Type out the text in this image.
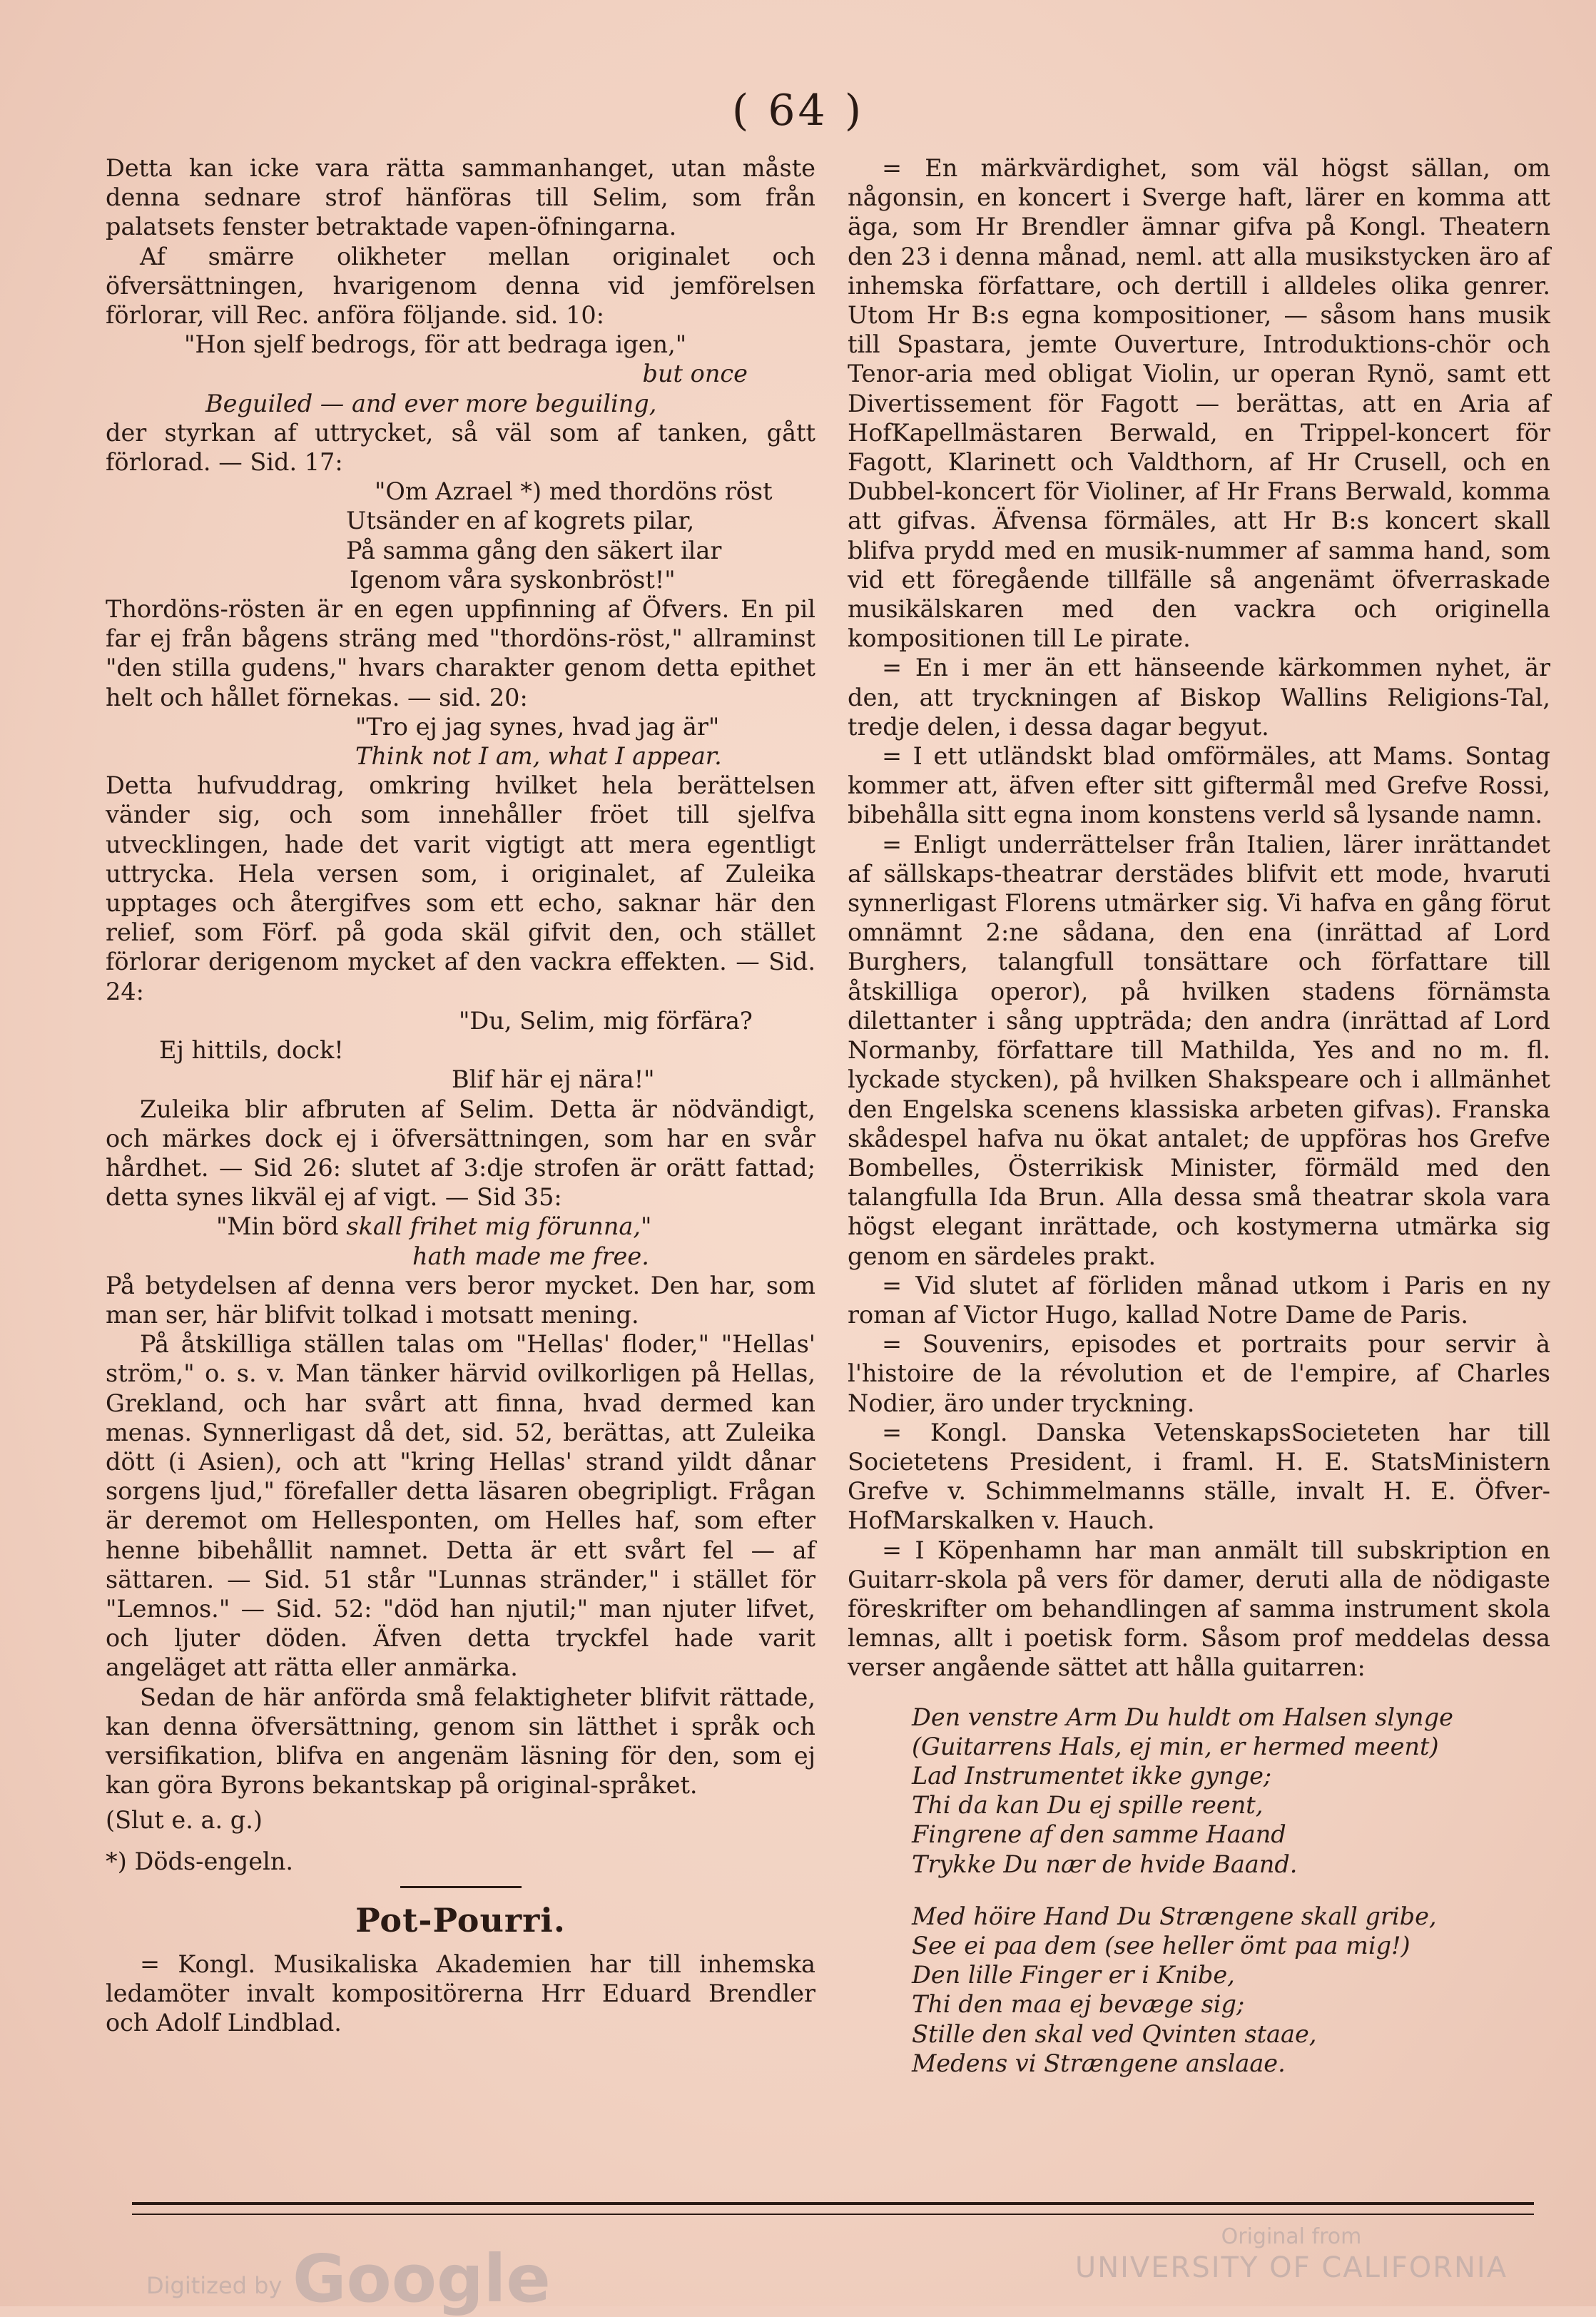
( 64 )

Detta kan icke vara rätta sammanhanget, utan måste denna sednare strof hänföras till Selim, som från palatsets fenster betraktade vapen-öfningarna.

Af smärre olikheter mellan originalet och öfversättningen, hvarigenom denna vid jemförelsen förlorar, vill Rec. anföra följande. sid. 10:

"Hon sjelf bedrogs, för att bedraga igen,"
but once
Beguiled — and ever more beguiling,

der styrkan af uttrycket, så väl som af tanken, gått förlorad. — Sid. 17:

"Om Azrael *) med thordöns röst
Utsänder en af kogrets pilar,
På samma gång den säkert ilar
Igenom våra syskonbröst!"

Thordöns-rösten är en egen uppfinning af Öfvers. En pil far ej från bågens sträng med "thordöns-röst," allraminst "den stilla gudens," hvars charakter genom detta epithet helt och hållet förnekas. — sid. 20:

"Tro ej jag synes, hvad jag är"
Think not I am, what I appear.

Detta hufvuddrag, omkring hvilket hela berättelsen vänder sig, och som innehåller fröet till sjelfva utvecklingen, hade det varit vigtigt att mera egentligt uttrycka. Hela versen som, i originalet, af Zuleika upptages och återgifves som ett echo, saknar här den relief, som Förf. på goda skäl gifvit den, och stället förlorar derigenom mycket af den vackra effekten. — Sid. 24:

"Du, Selim, mig förfära?
Ej hittils, dock!
Blif här ej nära!"

Zuleika blir afbruten af Selim. Detta är nödvändigt, och märkes dock ej i öfversättningen, som har en svår hårdhet. — Sid 26: slutet af 3:dje strofen är orätt fattad; detta synes likväl ej af vigt. — Sid 35:

"Min börd skall frihet mig förunna,"
hath made me free.

På betydelsen af denna vers beror mycket. Den har, som man ser, här blifvit tolkad i motsatt mening.

På åtskilliga ställen talas om "Hellas' floder," "Hellas' ström," o. s. v. Man tänker härvid ovilkorligen på Hellas, Grekland, och har svårt att finna, hvad dermed kan menas. Synnerligast då det, sid. 52, berättas, att Zuleika dött (i Asien), och att "kring Hellas' strand yildt dånar sorgens ljud," förefaller detta läsaren obegripligt. Frågan är deremot om Hellesponten, om Helles haf, som efter henne bibehållit namnet. Detta är ett svårt fel — af sättaren. — Sid. 51 står "Lunnas stränder," i stället för "Lemnos." — Sid. 52: "död han njutil;" man njuter lifvet, och ljuter döden. Äfven detta tryckfel hade varit angeläget att rätta eller anmärka.

Sedan de här anförda små felaktigheter blifvit rättade, kan denna öfversättning, genom sin lätthet i språk och versifikation, blifva en angenäm läsning för den, som ej kan göra Byrons bekantskap på original-språket.

(Slut e. a. g.)

*) Döds-engeln.

Pot-Pourri.

= Kongl. Musikaliska Akademien har till inhemska ledamöter invalt kompositörerna Hrr Eduard Brendler och Adolf Lindblad.

= En märkvärdighet, som väl högst sällan, om någonsin, en koncert i Sverge haft, lärer en komma att äga, som Hr Brendler ämnar gifva på Kongl. Theatern den 23 i denna månad, neml. att alla musikstycken äro af inhemska författare, och dertill i alldeles olika genrer. Utom Hr B:s egna kompositioner, — såsom hans musik till Spastara, jemte Ouverture, Introduktions-chör och Tenor-aria med obligat Violin, ur operan Rynö, samt ett Divertissement för Fagott — berättas, att en Aria af HofKapellmästaren Berwald, en Trippel-koncert för Fagott, Klarinett och Valdthorn, af Hr Crusell, och en Dubbel-koncert för Violiner, af Hr Frans Berwald, komma att gifvas. Äfvensa förmäles, att Hr B:s koncert skall blifva prydd med en musik-nummer af samma hand, som vid ett föregående tillfälle så angenämt öfverraskade musikälskaren med den vackra och originella kompositionen till Le pirate.

= En i mer än ett hänseende kärkommen nyhet, är den, att tryckningen af Biskop Wallins Religions-Tal, tredje delen, i dessa dagar begyut.

= I ett utländskt blad omförmäles, att Mams. Sontag kommer att, äfven efter sitt giftermål med Grefve Rossi, bibehålla sitt egna inom konstens verld så lysande namn.

= Enligt underrättelser från Italien, lärer inrättandet af sällskaps-theatrar derstädes blifvit ett mode, hvaruti synnerligast Florens utmärker sig. Vi hafva en gång förut omnämnt 2:ne sådana, den ena (inrättad af Lord Burghers, talangfull tonsättare och författare till åtskilliga operor), på hvilken stadens förnämsta dilettanter i sång uppträda; den andra (inrättad af Lord Normanby, författare till Mathilda, Yes and no m. fl. lyckade stycken), på hvilken Shakspeare och i allmänhet den Engelska scenens klassiska arbeten gifvas). Franska skådespel hafva nu ökat antalet; de uppföras hos Grefve Bombelles, Österrikisk Minister, förmäld med den talangfulla Ida Brun. Alla dessa små theatrar skola vara högst elegant inrättade, och kostymerna utmärka sig genom en särdeles prakt.

= Vid slutet af förliden månad utkom i Paris en ny roman af Victor Hugo, kallad Notre Dame de Paris.

= Souvenirs, episodes et portraits pour servir à l'histoire de la révolution et de l'empire, af Charles Nodier, äro under tryckning.

= Kongl. Danska VetenskapsSocieteten har till Societetens President, i framl. H. E. StatsMinistern Grefve v. Schimmelmanns ställe, invalt H. E. Öfver-HofMarskalken v. Hauch.

= I Köpenhamn har man anmält till subskription en Guitarr-skola på vers för damer, deruti alla de nödigaste föreskrifter om behandlingen af samma instrument skola lemnas, allt i poetisk form. Såsom prof meddelas dessa verser angående sättet att hålla guitarren:

Den venstre Arm Du huldt om Halsen slynge
(Guitarrens Hals, ej min, er hermed meent)
Lad Instrumentet ikke gynge;
Thi da kan Du ej spille reent,
Fingrene af den samme Haand
Trykke Du nær de hvide Baand.
Med höire Hand Du Strængene skall gribe,
See ei paa dem (see heller ömt paa mig!)
Den lille Finger er i Knibe,
Thi den maa ej bevæge sig;
Stille den skal ved Qvinten staae,
Medens vi Strængene anslaae.
Digitized by Google
Original from
UNIVERSITY OF CALIFORNIA
